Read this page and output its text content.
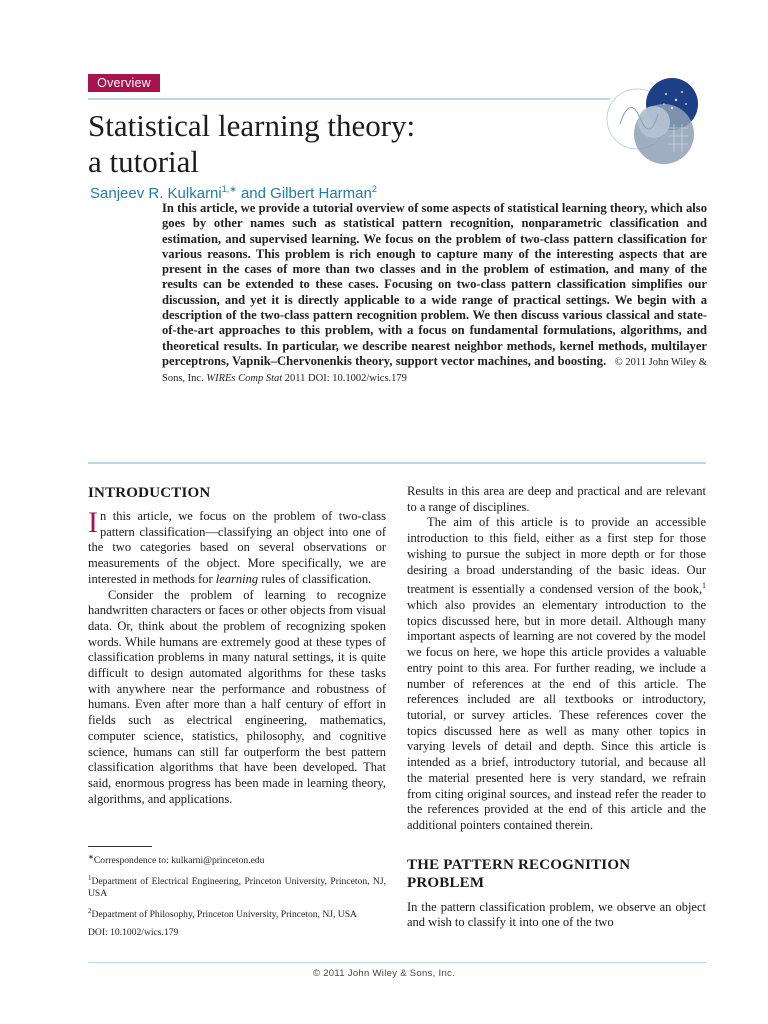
Overview
Statistical learning theory:
a tutorial
Sanjeev R. Kulkarni$^{1,∗}$ and Gilbert Harman$^2$

In this article, we provide a tutorial overview of some aspects of statistical learning theory, which also goes by other names such as statistical pattern recognition, nonparametric classification and estimation, and supervised learning. We focus on the problem of two-class pattern classification for various reasons. This problem is rich enough to capture many of the interesting aspects that are present in the cases of more than two classes and in the problem of estimation, and many of the results can be extended to these cases. Focusing on two-class pattern classification simplifies our discussion, and yet it is directly applicable to a wide range of practical settings. We begin with a description of the two-class pattern recognition problem. We then discuss various classical and state-of-the-art approaches to this problem, with a focus on fundamental formulations, algorithms, and theoretical results. In particular, we describe nearest neighbor methods, kernel methods, multilayer perceptrons, Vapnik–Chervonenkis theory, support vector machines, and boosting. © 2011 John Wiley & Sons, Inc. WIREs Comp Stat 2011 DOI: 10.1002/wics.179

INTRODUCTION

In this article, we focus on the problem of two-class pattern classification—classifying an object into one of the two categories based on several observations or measurements of the object. More specifically, we are interested in methods for learning rules of classification.

Consider the problem of learning to recognize handwritten characters or faces or other objects from visual data. Or, think about the problem of recognizing spoken words. While humans are extremely good at these types of classification problems in many natural settings, it is quite difficult to design automated algorithms for these tasks with anywhere near the performance and robustness of humans. Even after more than a half century of effort in fields such as electrical engineering, mathematics, computer science, statistics, philosophy, and cognitive science, humans can still far outperform the best pattern classification algorithms that have been developed. That said, enormous progress has been made in learning theory, algorithms, and applications.

∗Correspondence to: kulkarni@princeton.edu

$^1$Department of Electrical Engineering, Princeton University, Princeton, NJ, USA

$^2$Department of Philosophy, Princeton University, Princeton, NJ, USA

DOI: 10.1002/wics.179

Results in this area are deep and practical and are relevant to a range of disciplines.

The aim of this article is to provide an accessible introduction to this field, either as a first step for those wishing to pursue the subject in more depth or for those desiring a broad understanding of the basic ideas. Our treatment is essentially a condensed version of the book,$^1$ which also provides an elementary introduction to the topics discussed here, but in more detail. Although many important aspects of learning are not covered by the model we focus on here, we hope this article provides a valuable entry point to this area. For further reading, we include a number of references at the end of this article. The references included are all textbooks or introductory, tutorial, or survey articles. These references cover the topics discussed here as well as many other topics in varying levels of detail and depth. Since this article is intended as a brief, introductory tutorial, and because all the material presented here is very standard, we refrain from citing original sources, and instead refer the reader to the references provided at the end of this article and the additional pointers contained therein.

THE PATTERN RECOGNITION
PROBLEM

In the pattern classification problem, we observe an object and wish to classify it into one of the two

© 2011 John Wiley & Sons, Inc.
